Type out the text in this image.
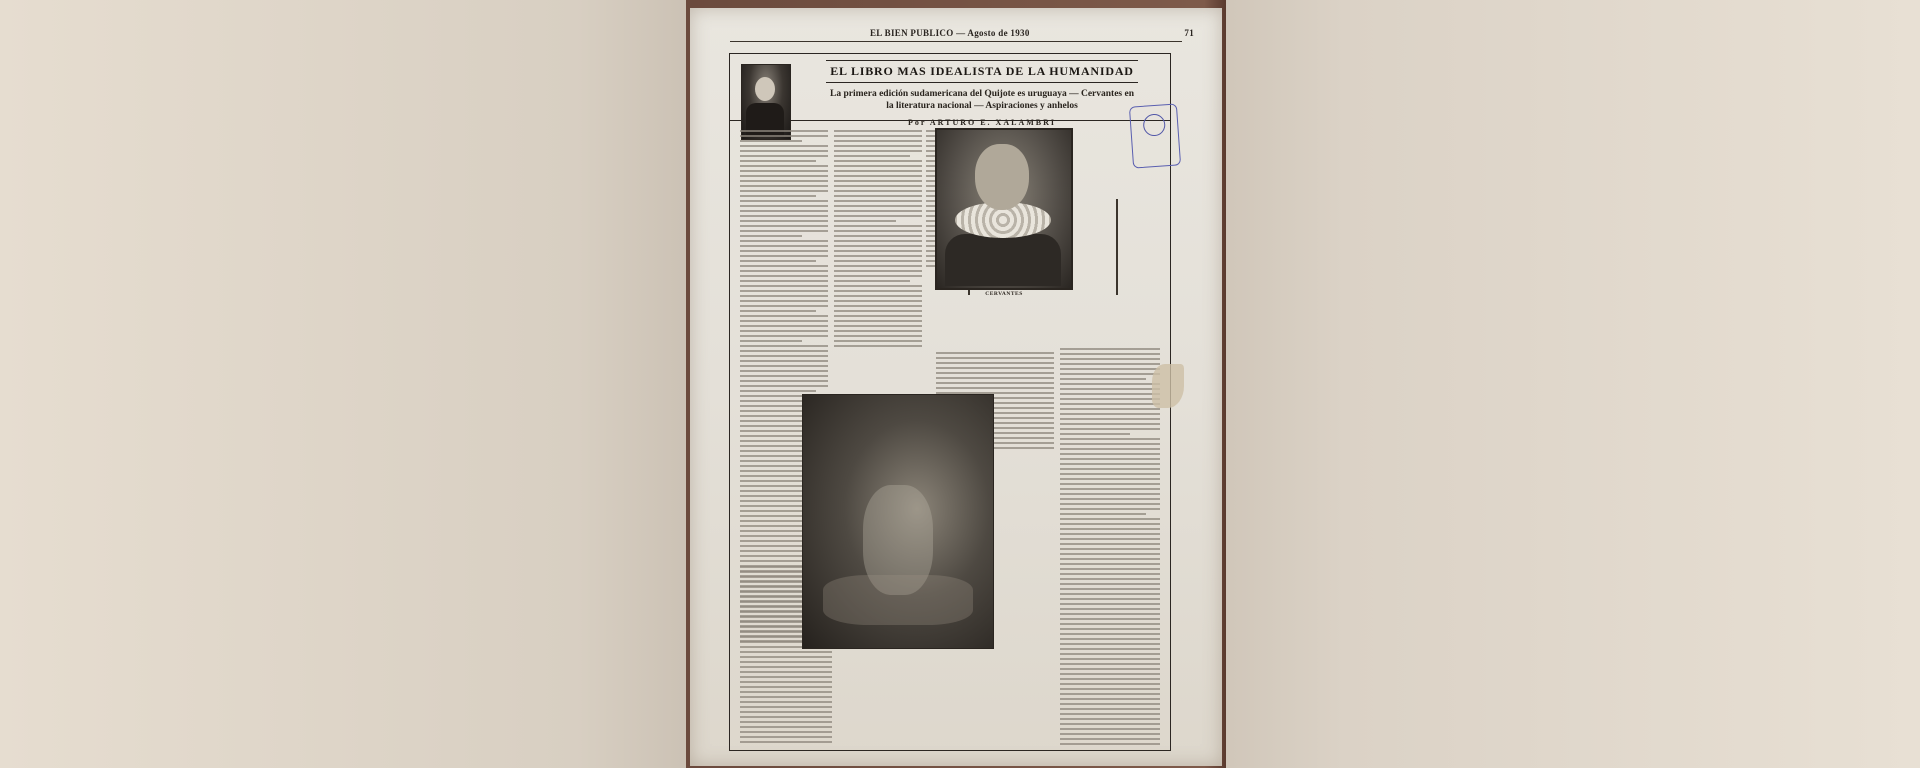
EL BIEN PUBLICO — Agosto de 1930	71
EL LIBRO MAS IDEALISTA DE LA HUMANIDAD
La primera edición sudamericana del Quijote es uruguaya — Cervantes en la literatura nacional — Aspiraciones y anhelos
Por ARTURO E. XALAMBRI
CERVANTES
